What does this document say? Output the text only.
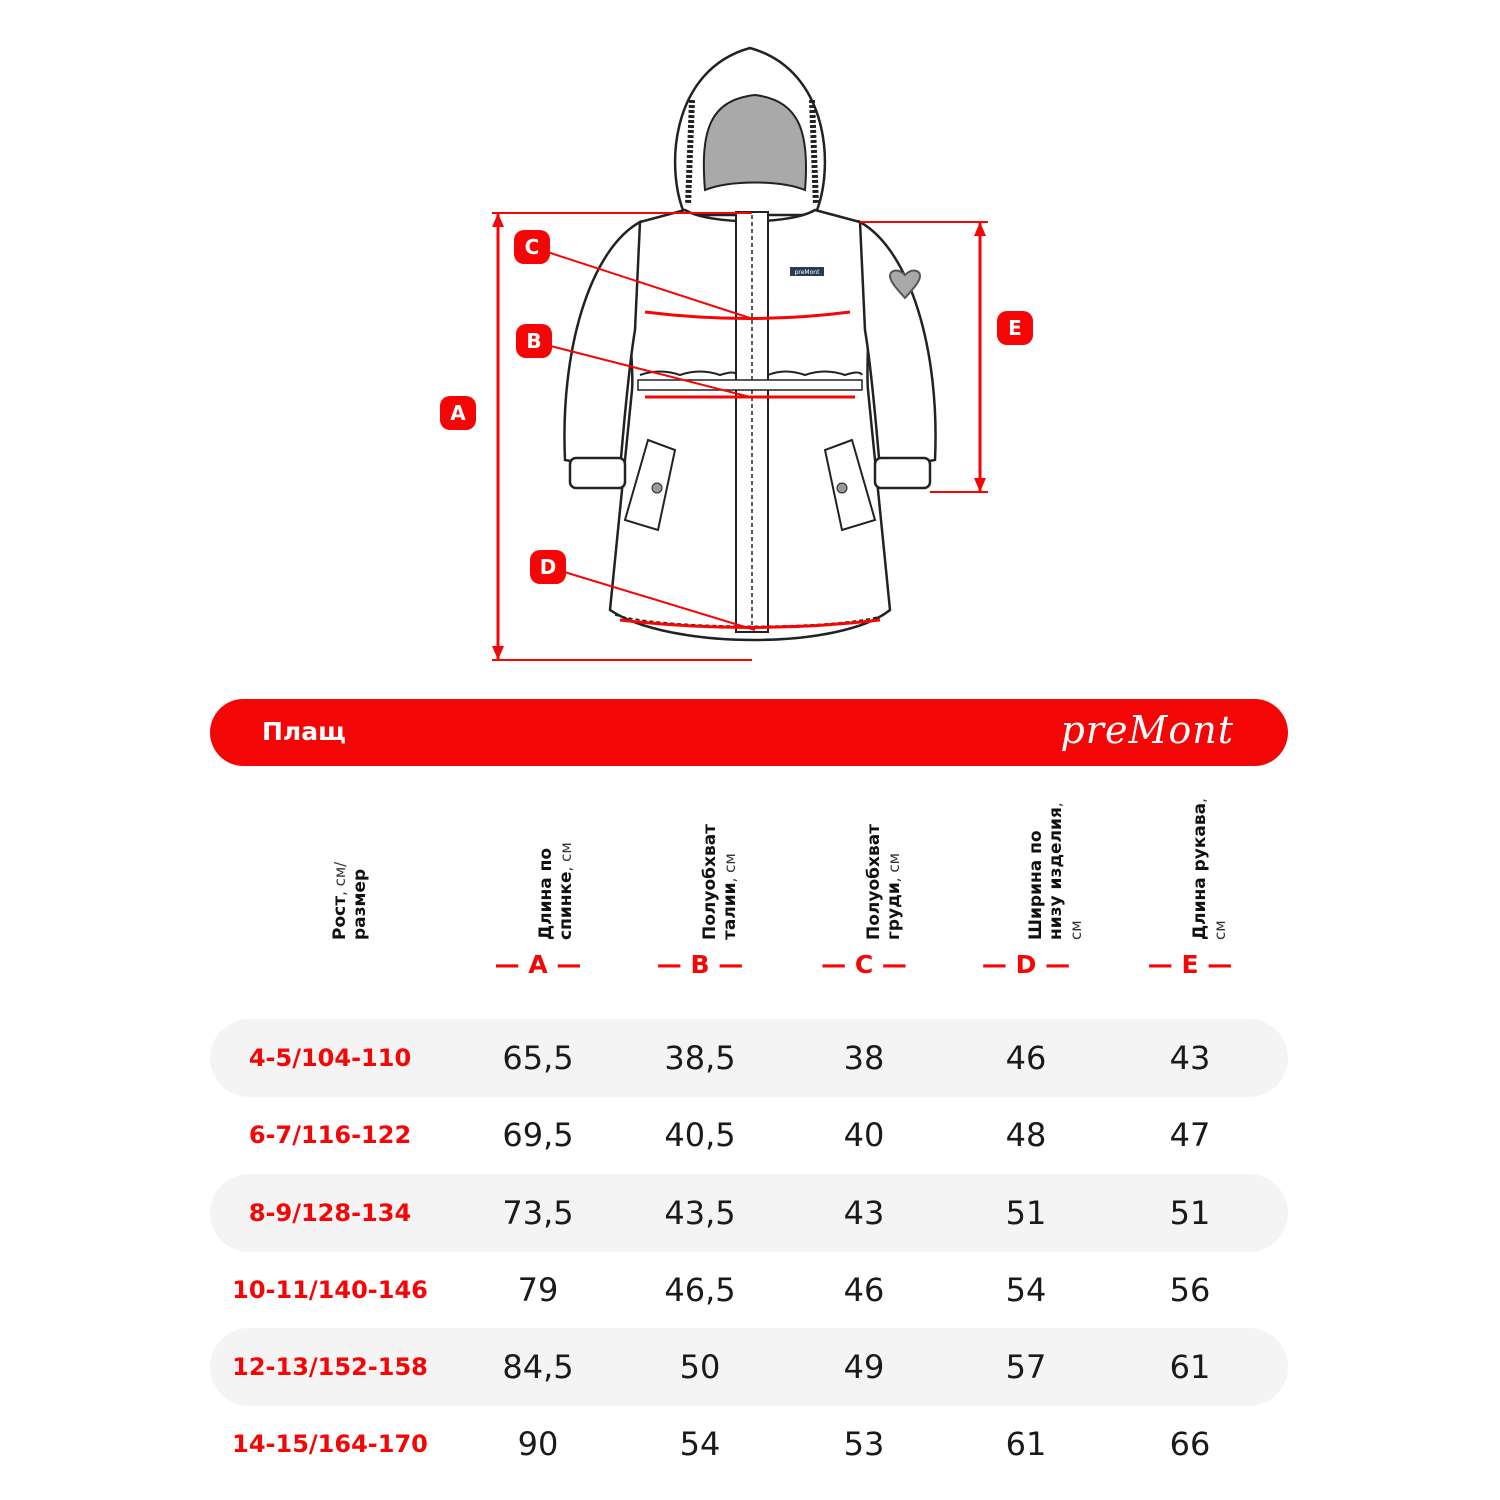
preMont
A
B
C
D
E
Плащ	preMont
Рост, см/
размер	Длина по спинке, см	Полуобхват талии, см	Полуобхват груди, см	Ширина по низу изделия, см	Длина рукава, см
— A —	— B —	— C —	— D —	— E —
4-5/104-110	65,5	38,5	38	46	43
6-7/116-122	69,5	40,5	40	48	47
8-9/128-134	73,5	43,5	43	51	51
10-11/140-146	79	46,5	46	54	56
12-13/152-158	84,5	50	49	57	61
14-15/164-170	90	54	53	61	66
